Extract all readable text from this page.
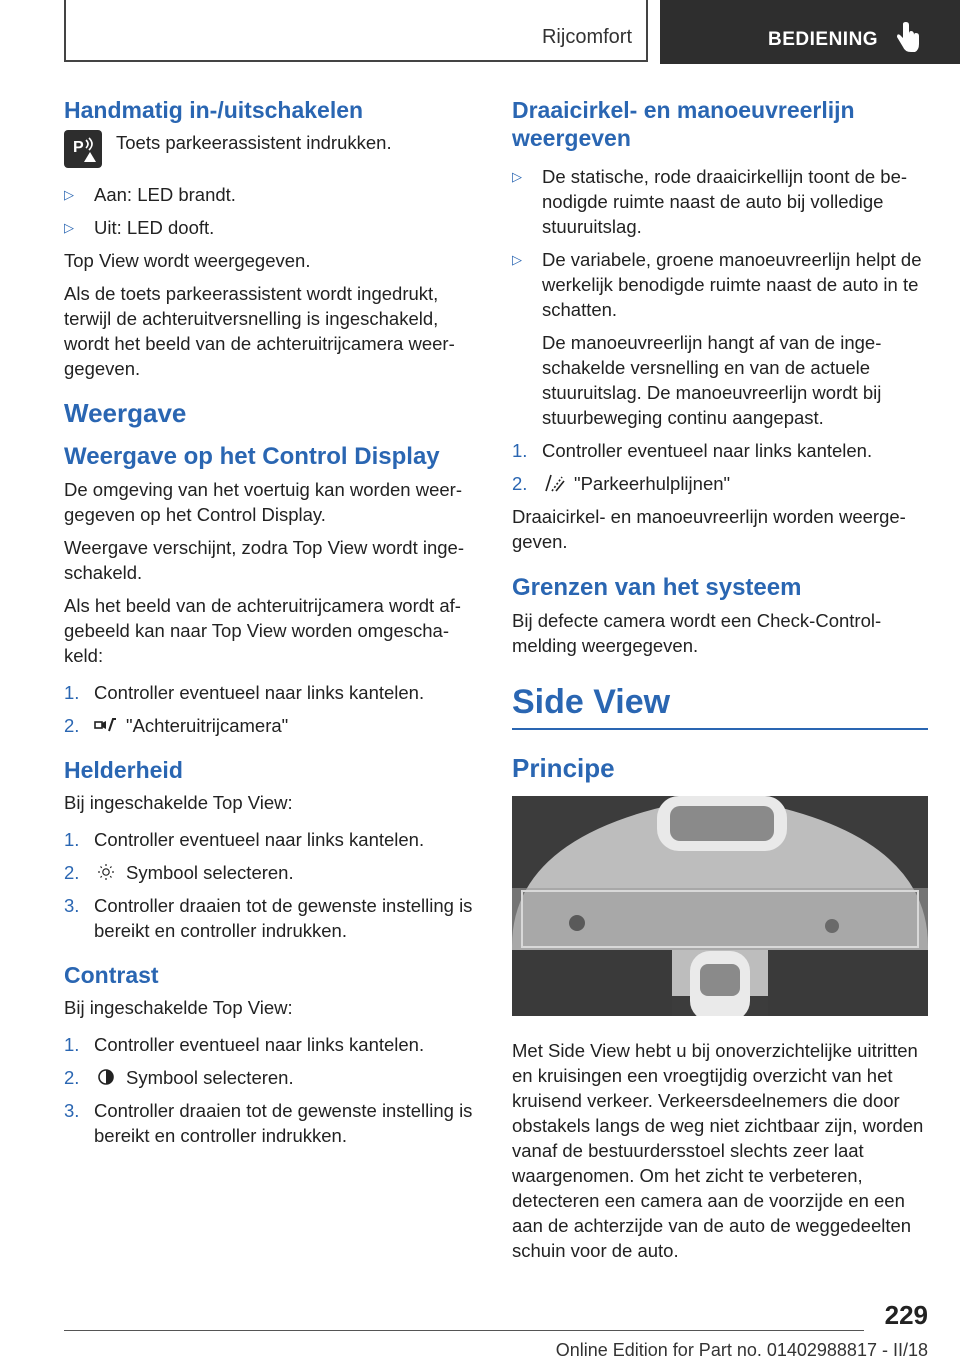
Rijcomfort	BEDIENING
Handmatig in-/uitschakelen
P Toets parkeerassistent indrukken.
▷	Aan: LED brandt.
▷	Uit: LED dooft.

Top View wordt weergegeven.

Als de toets parkeerassistent wordt ingedrukt, terwijl de achteruitversnelling is ingeschakeld, wordt het beeld van de achteruitrijcamera weergegeven.

Weergave
Weergave op het Control Display

De omgeving van het voertuig kan worden weergegeven op het Control Display.

Weergave verschijnt, zodra Top View wordt ingeschakeld.

Als het beeld van de achteruitrijcamera wordt afgebeeld kan naar Top View worden omgeschakeld:

1. Controller eventueel naar links kantelen.
2.	"Achteruitrijcamera"
Helderheid

Bij ingeschakelde Top View:

1. Controller eventueel naar links kantelen.
2.	Symbool selecteren.
3. Controller draaien tot de gewenste instelling is bereikt en controller indrukken.
Contrast

Bij ingeschakelde Top View:

1. Controller eventueel naar links kantelen.
2.	Symbool selecteren.
3. Controller draaien tot de gewenste instelling is bereikt en controller indrukken.
Draaicirkel- en manoeuvreerlijn weergeven
▷	De statische, rode draaicirkellijn toont de benodigde ruimte naast de auto bij volledige stuuruitslag.
▷	De variabele, groene manoeuvreerlijn helpt de werkelijk benodigde ruimte naast de auto in te schatten.

De manoeuvreerlijn hangt af van de ingeschakelde versnelling en van de actuele stuuruitslag. De manoeuvreerlijn wordt bij stuurbeweging continu aangepast.

1. Controller eventueel naar links kantelen.
2.	"Parkeerhulplijnen"

Draaicirkel- en manoeuvreerlijn worden weergegeven.

Grenzen van het systeem

Bij defecte camera wordt een Check-Control-melding weergegeven.

Side View
Principe

Met Side View hebt u bij onoverzichtelijke uitritten en kruisingen een vroegtijdig overzicht van het kruisend verkeer. Verkeersdeelnemers die door obstakels langs de weg niet zichtbaar zijn, worden vanaf de bestuurdersstoel slechts zeer laat waargenomen. Om het zicht te verbeteren, detecteren een camera aan de voorzijde en een aan de achterzijde van de auto de weggedeelten schuin voor de auto.

229
Online Edition for Part no. 01402988817 - II/18
